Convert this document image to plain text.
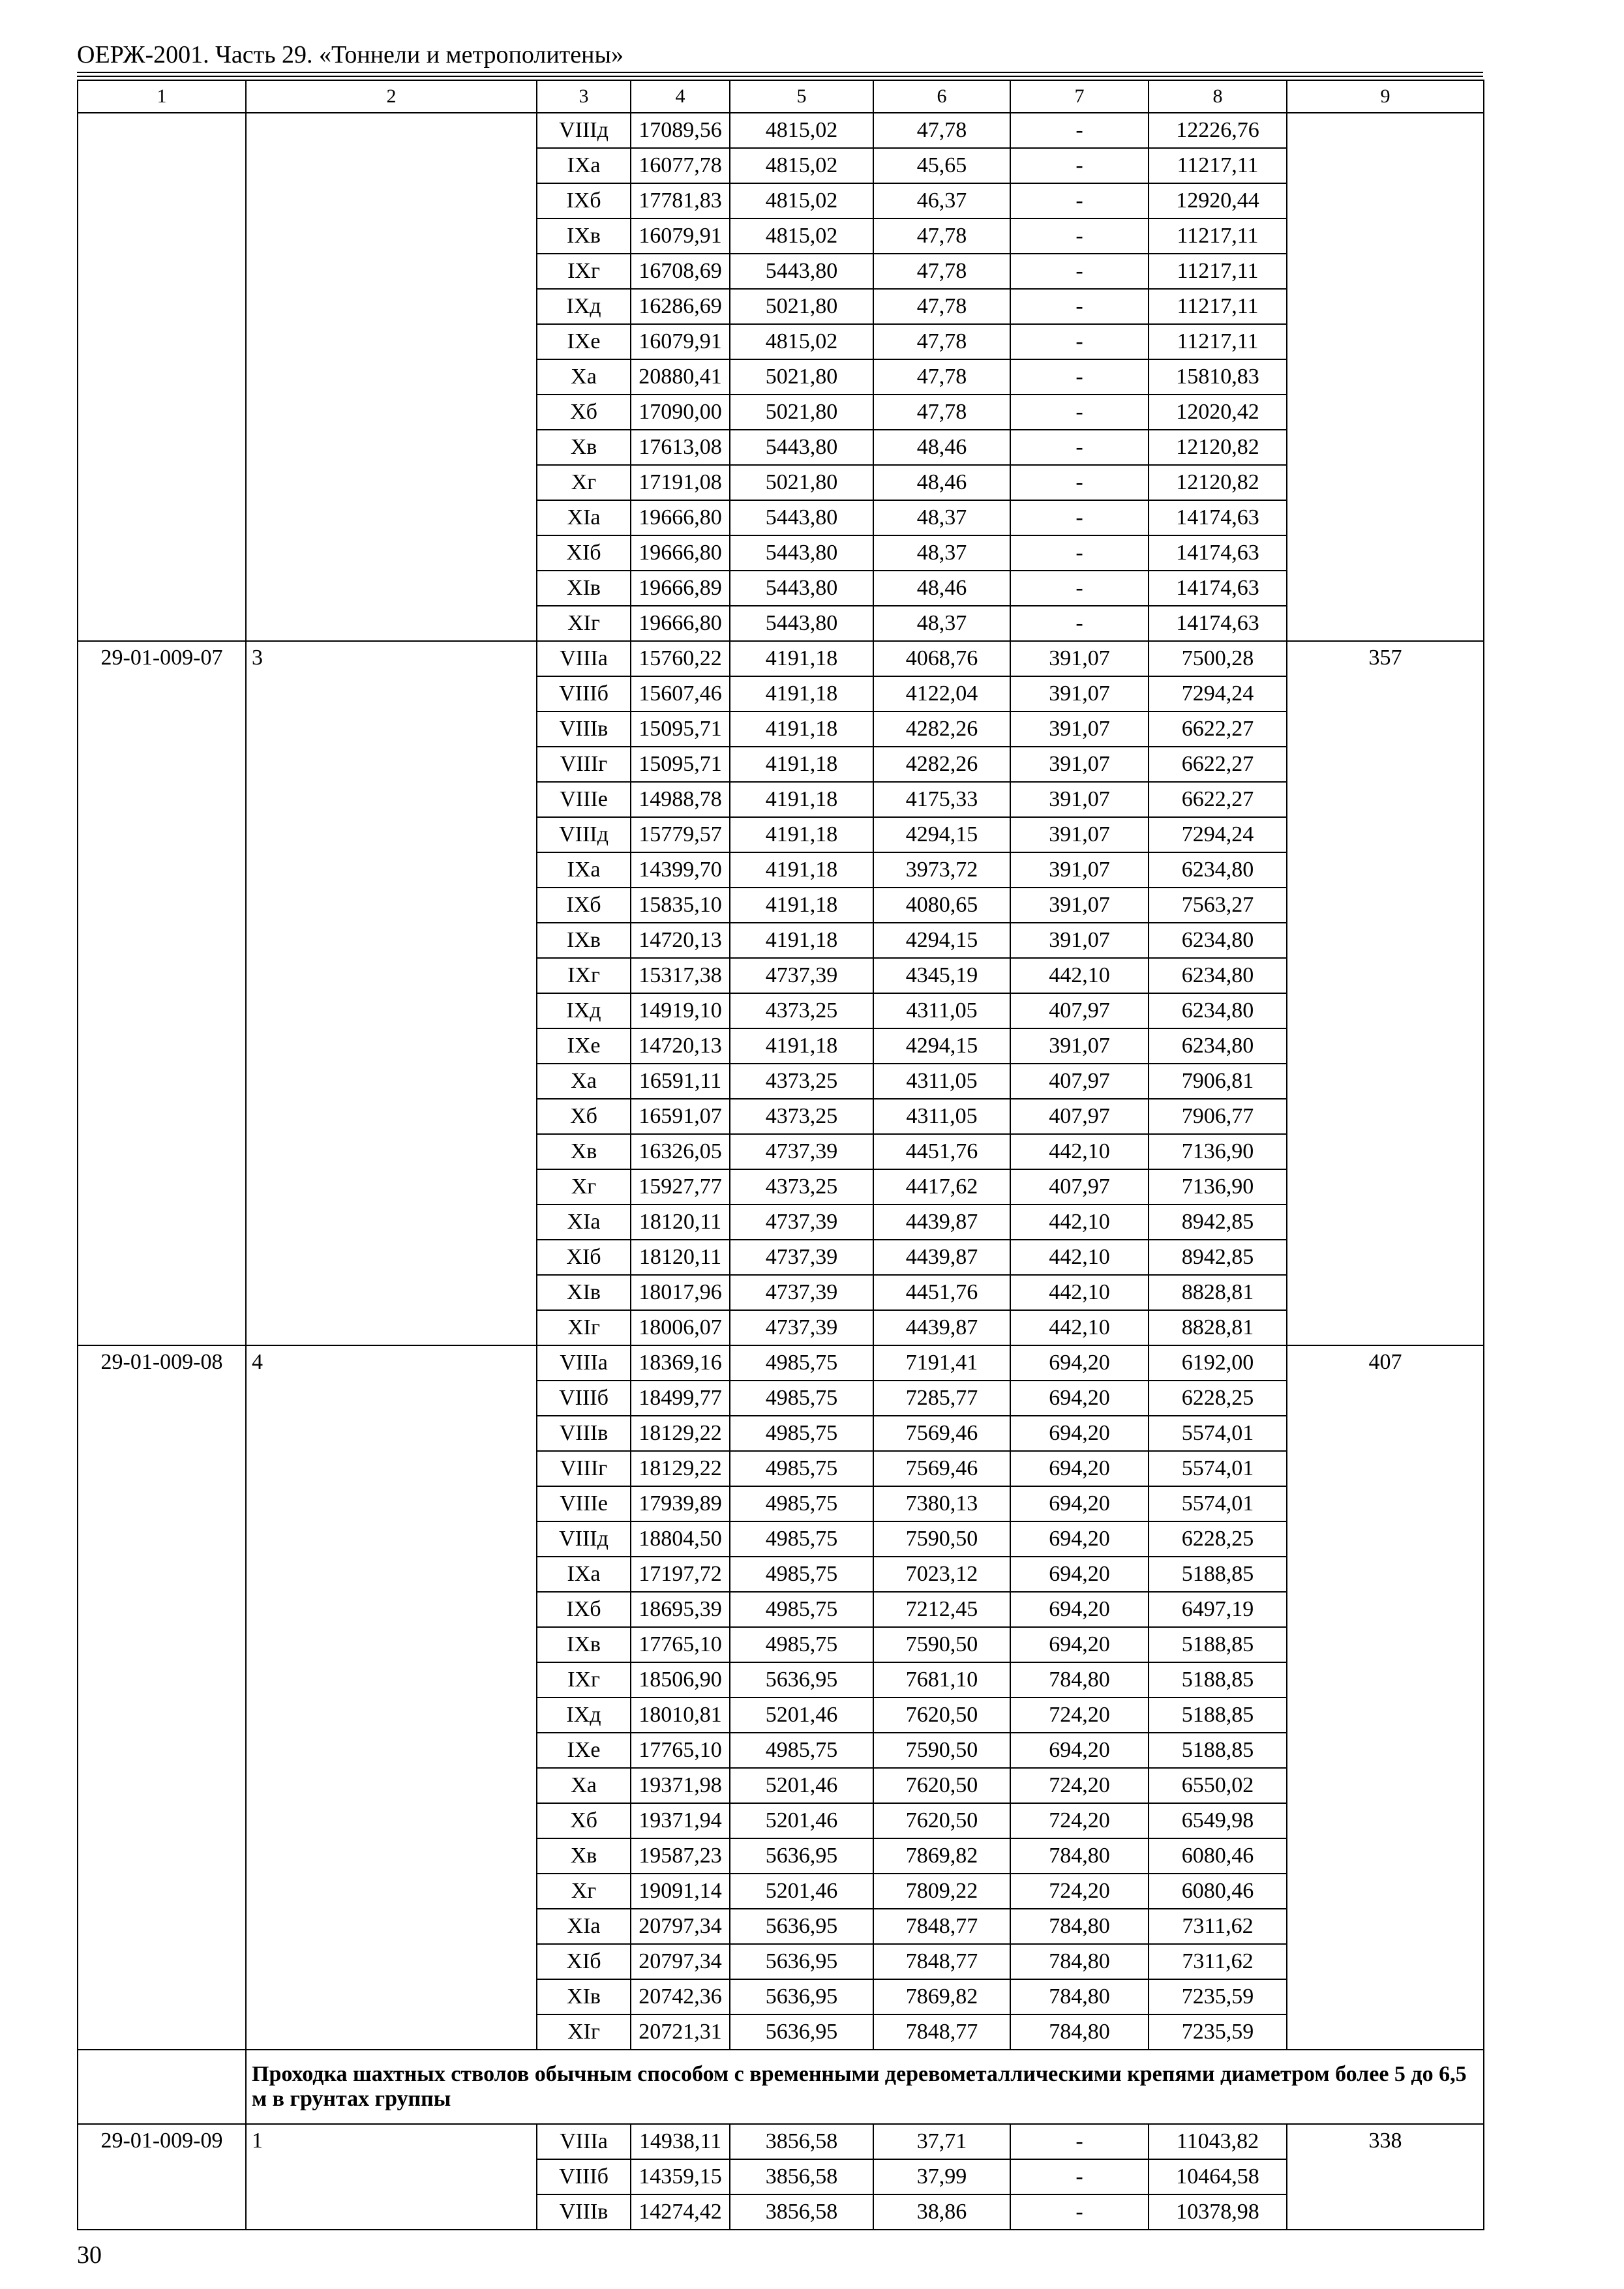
ОЕРЖ-2001. Часть 29. «Тоннели и метрополитены»
1	2	3	4	5	6	7	8	9
		VIIIд	17089,56	4815,02	47,78	-	12226,76	
		IXа	16077,78	4815,02	45,65	-	11217,11	
		IXб	17781,83	4815,02	46,37	-	12920,44	
		IXв	16079,91	4815,02	47,78	-	11217,11	
		IXг	16708,69	5443,80	47,78	-	11217,11	
		IXд	16286,69	5021,80	47,78	-	11217,11	
		IXе	16079,91	4815,02	47,78	-	11217,11	
		Xа	20880,41	5021,80	47,78	-	15810,83	
		Xб	17090,00	5021,80	47,78	-	12020,42	
		Xв	17613,08	5443,80	48,46	-	12120,82	
		Xг	17191,08	5021,80	48,46	-	12120,82	
		XIа	19666,80	5443,80	48,37	-	14174,63	
		XIб	19666,80	5443,80	48,37	-	14174,63	
		XIв	19666,89	5443,80	48,46	-	14174,63	
		XIг	19666,80	5443,80	48,37	-	14174,63	
29-01-009-07	3	VIIIа	15760,22	4191,18	4068,76	391,07	7500,28	357
		VIIIб	15607,46	4191,18	4122,04	391,07	7294,24	
		VIIIв	15095,71	4191,18	4282,26	391,07	6622,27	
		VIIIг	15095,71	4191,18	4282,26	391,07	6622,27	
		VIIIе	14988,78	4191,18	4175,33	391,07	6622,27	
		VIIIд	15779,57	4191,18	4294,15	391,07	7294,24	
		IXа	14399,70	4191,18	3973,72	391,07	6234,80	
		IXб	15835,10	4191,18	4080,65	391,07	7563,27	
		IXв	14720,13	4191,18	4294,15	391,07	6234,80	
		IXг	15317,38	4737,39	4345,19	442,10	6234,80	
		IXд	14919,10	4373,25	4311,05	407,97	6234,80	
		IXе	14720,13	4191,18	4294,15	391,07	6234,80	
		Xа	16591,11	4373,25	4311,05	407,97	7906,81	
		Xб	16591,07	4373,25	4311,05	407,97	7906,77	
		Xв	16326,05	4737,39	4451,76	442,10	7136,90	
		Xг	15927,77	4373,25	4417,62	407,97	7136,90	
		XIа	18120,11	4737,39	4439,87	442,10	8942,85	
		XIб	18120,11	4737,39	4439,87	442,10	8942,85	
		XIв	18017,96	4737,39	4451,76	442,10	8828,81	
		XIг	18006,07	4737,39	4439,87	442,10	8828,81	
29-01-009-08	4	VIIIа	18369,16	4985,75	7191,41	694,20	6192,00	407
		VIIIб	18499,77	4985,75	7285,77	694,20	6228,25	
		VIIIв	18129,22	4985,75	7569,46	694,20	5574,01	
		VIIIг	18129,22	4985,75	7569,46	694,20	5574,01	
		VIIIе	17939,89	4985,75	7380,13	694,20	5574,01	
		VIIIд	18804,50	4985,75	7590,50	694,20	6228,25	
		IXа	17197,72	4985,75	7023,12	694,20	5188,85	
		IXб	18695,39	4985,75	7212,45	694,20	6497,19	
		IXв	17765,10	4985,75	7590,50	694,20	5188,85	
		IXг	18506,90	5636,95	7681,10	784,80	5188,85	
		IXд	18010,81	5201,46	7620,50	724,20	5188,85	
		IXе	17765,10	4985,75	7590,50	694,20	5188,85	
		Xа	19371,98	5201,46	7620,50	724,20	6550,02	
		Xб	19371,94	5201,46	7620,50	724,20	6549,98	
		Xв	19587,23	5636,95	7869,82	784,80	6080,46	
		Xг	19091,14	5201,46	7809,22	724,20	6080,46	
		XIа	20797,34	5636,95	7848,77	784,80	7311,62	
		XIб	20797,34	5636,95	7848,77	784,80	7311,62	
		XIв	20742,36	5636,95	7869,82	784,80	7235,59	
		XIг	20721,31	5636,95	7848,77	784,80	7235,59	
	Проходка шахтных стволов обычным способом с временными деревометаллическими крепями диаметром более 5 до 6,5 м в грунтах группы							
29-01-009-09	1	VIIIа	14938,11	3856,58	37,71	-	11043,82	338
		VIIIб	14359,15	3856,58	37,99	-	10464,58	
		VIIIв	14274,42	3856,58	38,86	-	10378,98	
30
